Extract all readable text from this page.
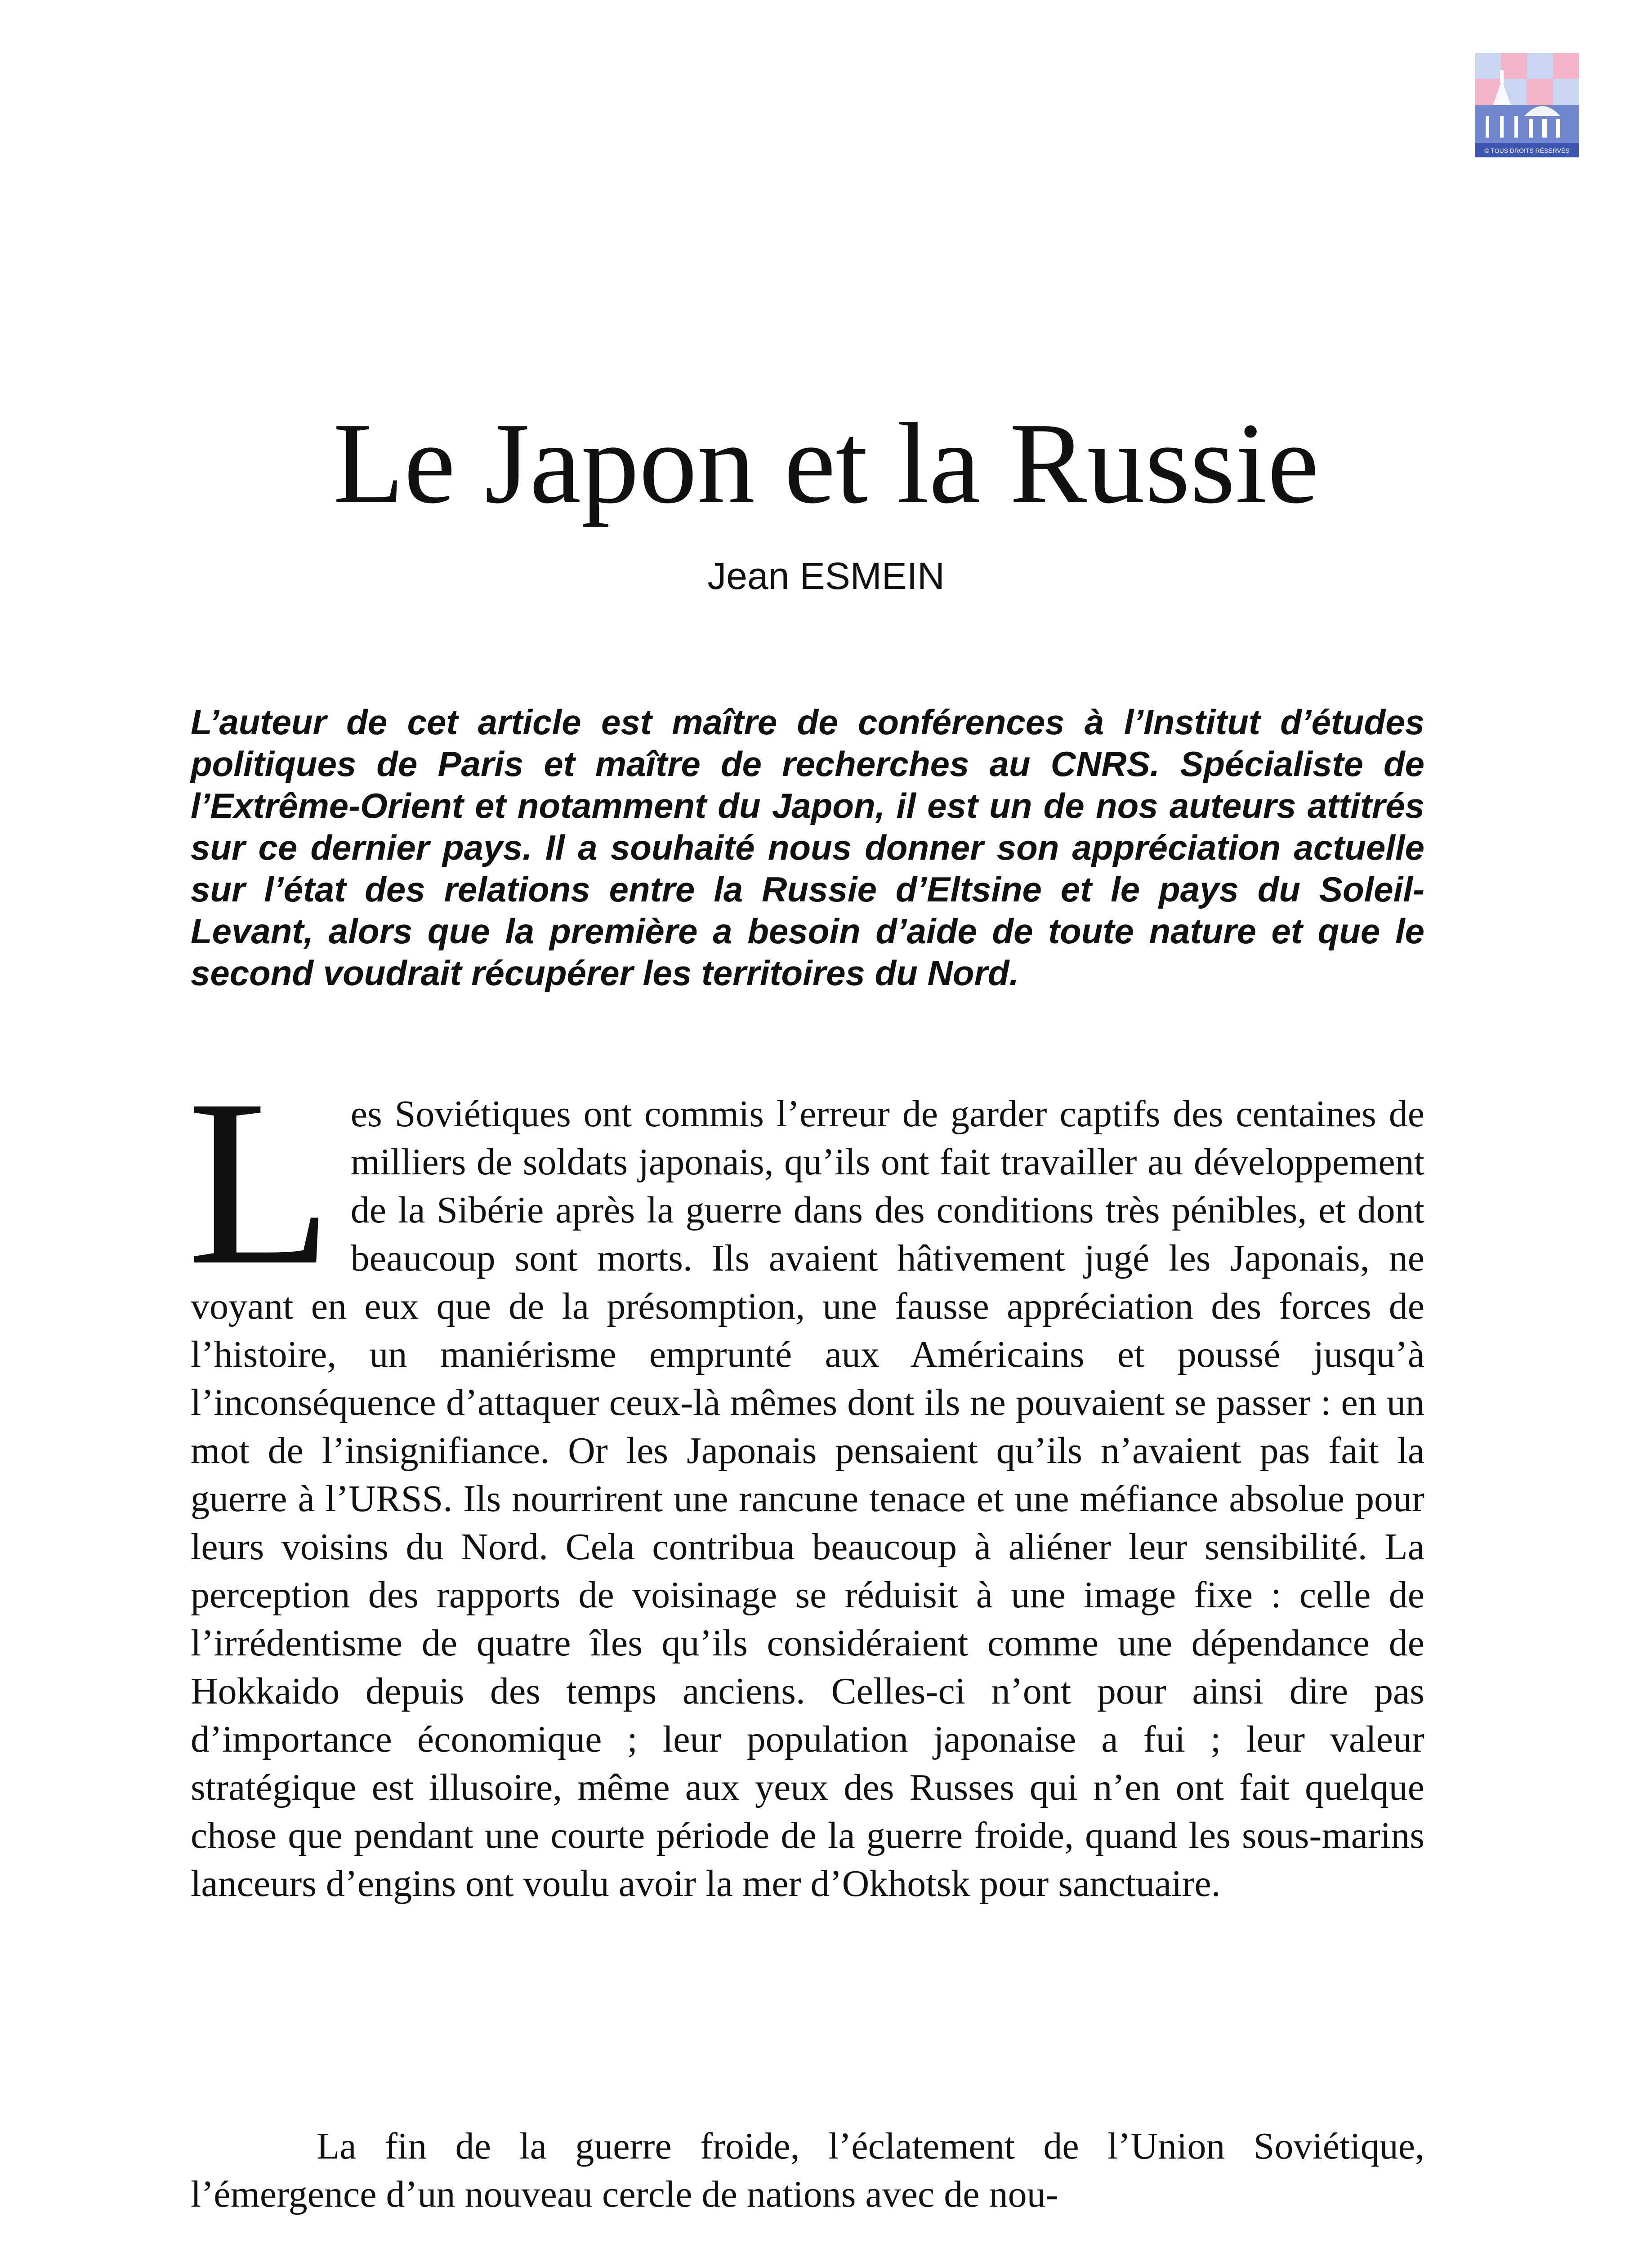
© TOUS DROITS RÉSERVÉS
Le Japon et la Russie
Jean ESMEIN

L’auteur de cet article est maître de conférences à l’Institut d’études politiques de Paris et maître de recherches au CNRS. Spécialiste de l’Extrême-Orient et notamment du Japon, il est un de nos auteurs attitrés sur ce dernier pays. Il a souhaité nous donner son appréciation actuelle sur l’état des relations entre la Russie d’Eltsine et le pays du Soleil-Levant, alors que la première a besoin d’aide de toute nature et que le second voudrait récupérer les territoires du Nord.

Les Soviétiques ont commis l’erreur de garder captifs des centaines de milliers de soldats japonais, qu’ils ont fait travailler au développement de la Sibérie après la guerre dans des conditions très pénibles, et dont beaucoup sont morts. Ils avaient hâtivement jugé les Japonais, ne voyant en eux que de la présomption, une fausse appréciation des forces de l’histoire, un maniérisme emprunté aux Américains et poussé jusqu’à l’inconséquence d’attaquer ceux-là mêmes dont ils ne pouvaient se passer : en un mot de l’insignifiance. Or les Japonais pensaient qu’ils n’avaient pas fait la guerre à l’URSS. Ils nourrirent une rancune tenace et une méfiance absolue pour leurs voisins du Nord. Cela contribua beaucoup à aliéner leur sensibilité. La perception des rapports de voisinage se réduisit à une image fixe : celle de l’irrédentisme de quatre îles qu’ils considéraient comme une dépendance de Hokkaido depuis des temps anciens. Celles-ci n’ont pour ainsi dire pas d’importance économique ; leur population japonaise a fui ; leur valeur stratégique est illusoire, même aux yeux des Russes qui n’en ont fait quelque chose que pendant une courte période de la guerre froide, quand les sous-marins lanceurs d’engins ont voulu avoir la mer d’Okhotsk pour sanctuaire.

La fin de la guerre froide, l’éclatement de l’Union Soviétique, l’émergence d’un nouveau cercle de nations avec de nou-
